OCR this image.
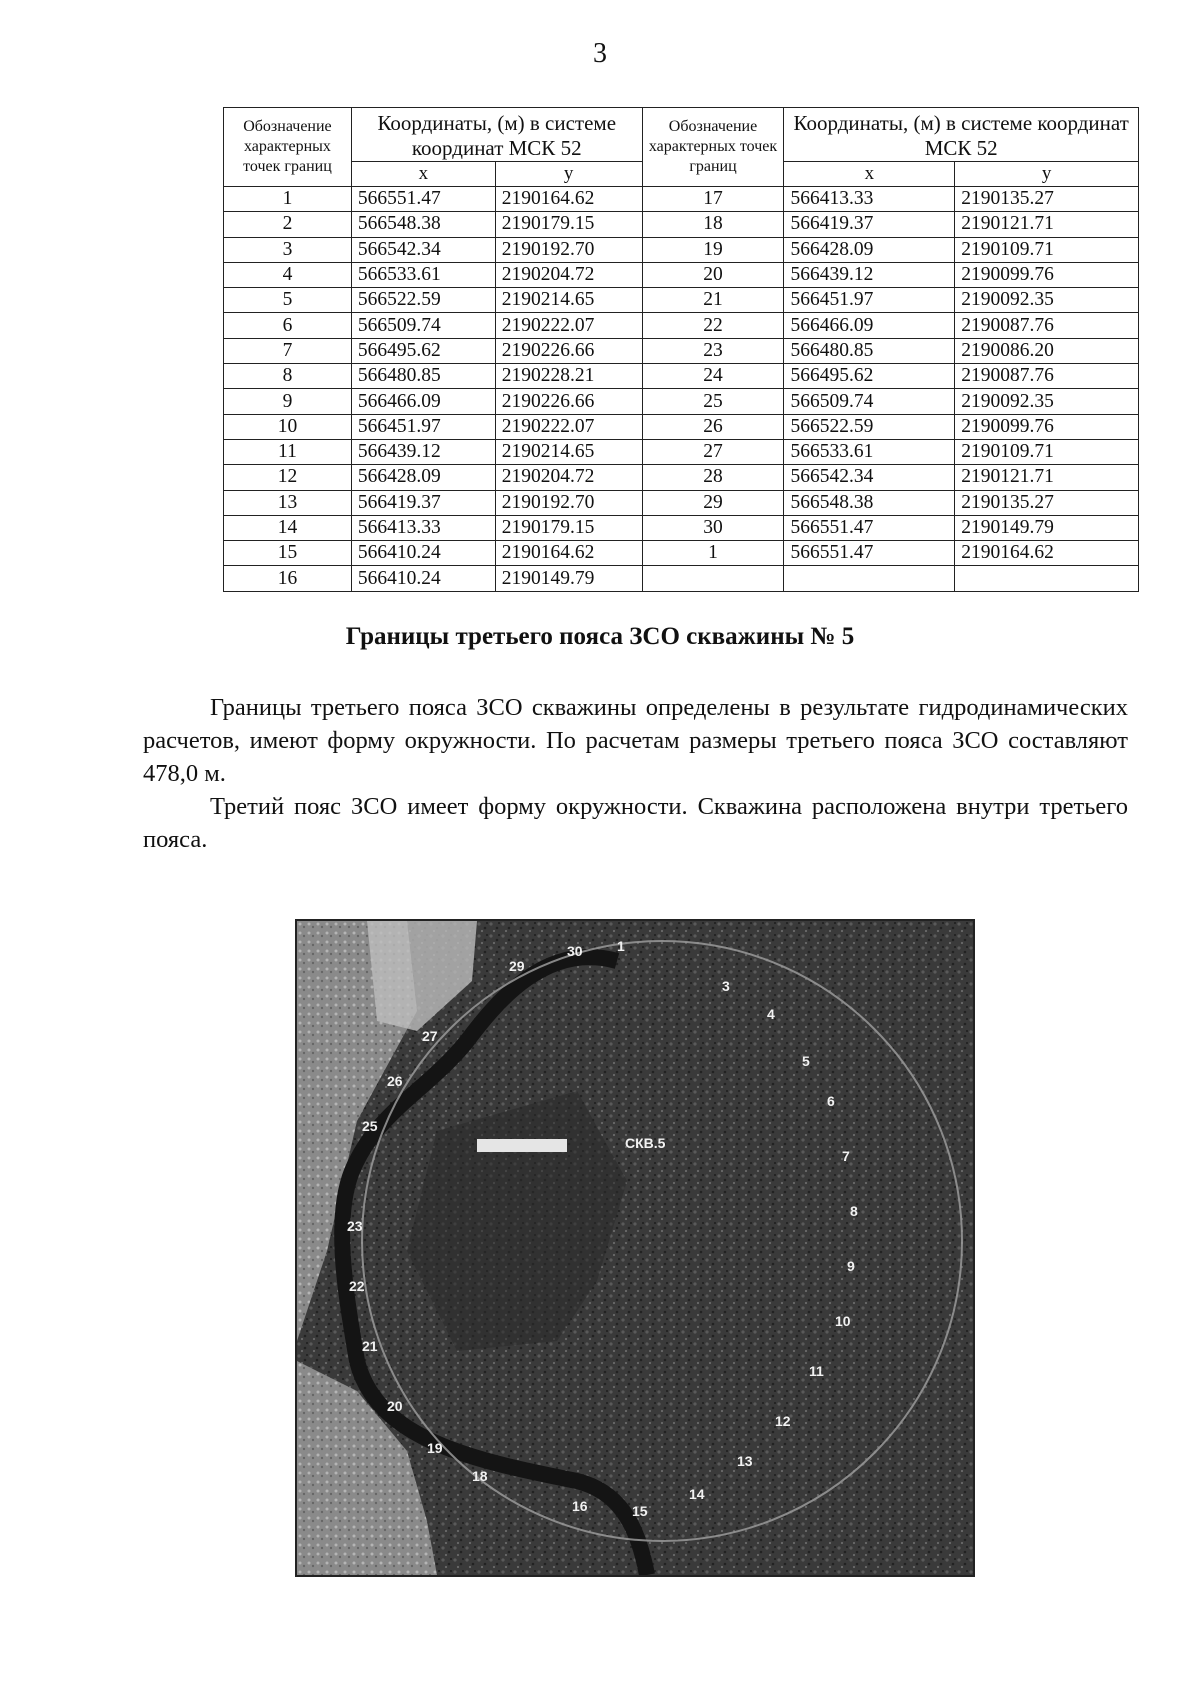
3
Обозначение характерных точек границ	Координаты, (м) в системе координат МСК 52		Обозначение характерных точек границ	Координаты, (м) в системе координат МСК 52	
	х	у		х	у
1	566551.47	2190164.62	17	566413.33	2190135.27
2	566548.38	2190179.15	18	566419.37	2190121.71
3	566542.34	2190192.70	19	566428.09	2190109.71
4	566533.61	2190204.72	20	566439.12	2190099.76
5	566522.59	2190214.65	21	566451.97	2190092.35
6	566509.74	2190222.07	22	566466.09	2190087.76
7	566495.62	2190226.66	23	566480.85	2190086.20
8	566480.85	2190228.21	24	566495.62	2190087.76
9	566466.09	2190226.66	25	566509.74	2190092.35
10	566451.97	2190222.07	26	566522.59	2190099.76
11	566439.12	2190214.65	27	566533.61	2190109.71
12	566428.09	2190204.72	28	566542.34	2190121.71
13	566419.37	2190192.70	29	566548.38	2190135.27
14	566413.33	2190179.15	30	566551.47	2190149.79
15	566410.24	2190164.62	1	566551.47	2190164.62
16	566410.24	2190149.79			
Границы третьего пояса ЗСО скважины № 5

Границы третьего пояса ЗСО скважины определены в результате гидродинамических расчетов, имеют форму окружности. По расчетам размеры третьего пояса ЗСО составляют 478,0 м.

Третий пояс ЗСО имеет форму окружности. Скважина расположена внутри третьего пояса.

СКВ.5
1
3
4
5
6
7
8
9
10
11
12
13
14
15
16
18
19
20
21
22
23
25
26
27
29
30
